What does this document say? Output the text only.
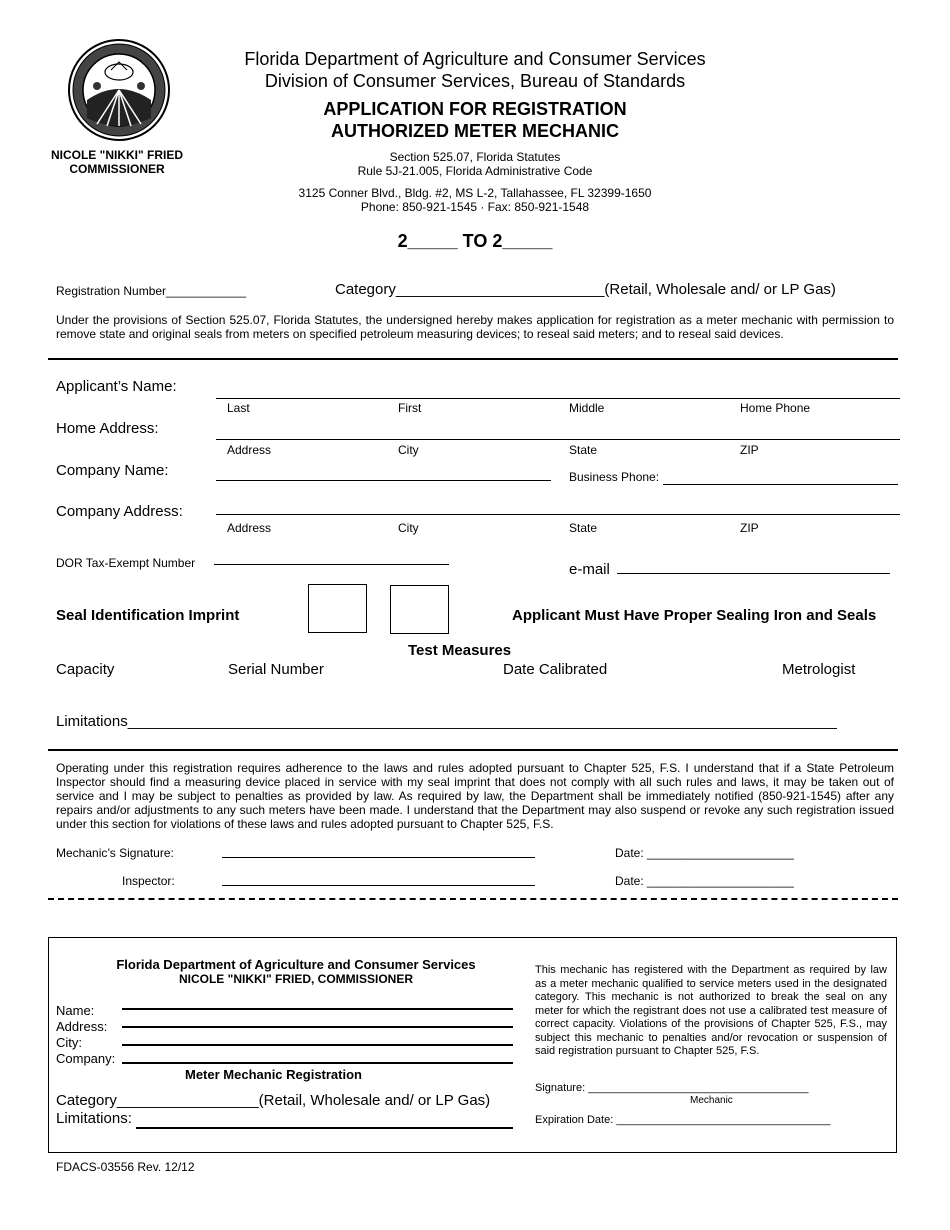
NICOLE "NIKKI" FRIED
COMMISSIONER
Florida Department of Agriculture and Consumer Services
Division of Consumer Services, Bureau of Standards
APPLICATION FOR REGISTRATION
AUTHORIZED METER MECHANIC
Section 525.07, Florida Statutes
Rule 5J-21.005, Florida Administrative Code
3125 Conner Blvd., Bldg. #2, MS L-2, Tallahassee, FL 32399-1650
Phone: 850-921-1545 · Fax: 850-921-1548
2_____ TO 2_____
Registration Number____________	Category_________________________(Retail, Wholesale and/ or LP Gas)
Under the provisions of Section 525.07, Florida Statutes, the undersigned hereby makes application for registration as a meter mechanic with permission to remove state and original seals from meters on specified petroleum measuring devices; to reseal said meters; and to reseal said devices.
Applicant’s Name:
Last	First	Middle	Home Phone
Home Address:
Address	City	State	ZIP
Company Name:	Business Phone:
Company Address:
Address	City	State	ZIP
DOR Tax-Exempt Number	e-mail
Seal Identification Imprint	Applicant Must Have Proper Sealing Iron and Seals
Test Measures
Capacity	Serial Number	Date Calibrated	Metrologist
Limitations_____________________________________________________________________________________
Operating under this registration requires adherence to the laws and rules adopted pursuant to Chapter 525, F.S. I understand that if a State Petroleum Inspector should find a measuring device placed in service with my seal imprint that does not comply with all such rules and laws, it may be taken out of service and I may be subject to penalties as provided by law. As required by law, the Department shall be immediately notified (850-921-1545) after any repairs and/or adjustments to any such meters have been made. I understand that the Department may also suspend or revoke any such registration issued under this section for violations of these laws and rules adopted pursuant to Chapter 525, F.S.
Mechanic’s Signature:	Date: ______________________
Inspector:	Date: ______________________
Florida Department of Agriculture and Consumer Services
NICOLE "NIKKI" FRIED, COMMISSIONER
Name:
Address:
City:
Company:
Meter Mechanic Registration
Category_________________(Retail, Wholesale and/ or LP Gas)
Limitations:
This mechanic has registered with the Department as required by law as a meter mechanic qualified to service meters used in the designated category. This mechanic is not authorized to break the seal on any meter for which the registrant does not use a calibrated test measure of correct capacity. Violations of the provisions of Chapter 525, F.S., may subject this mechanic to penalties and/or revocation or suspension of said registration pursuant to Chapter 525, F.S.
Signature: ____________________________________
Mechanic
Expiration Date: ___________________________________
FDACS-03556 Rev. 12/12
